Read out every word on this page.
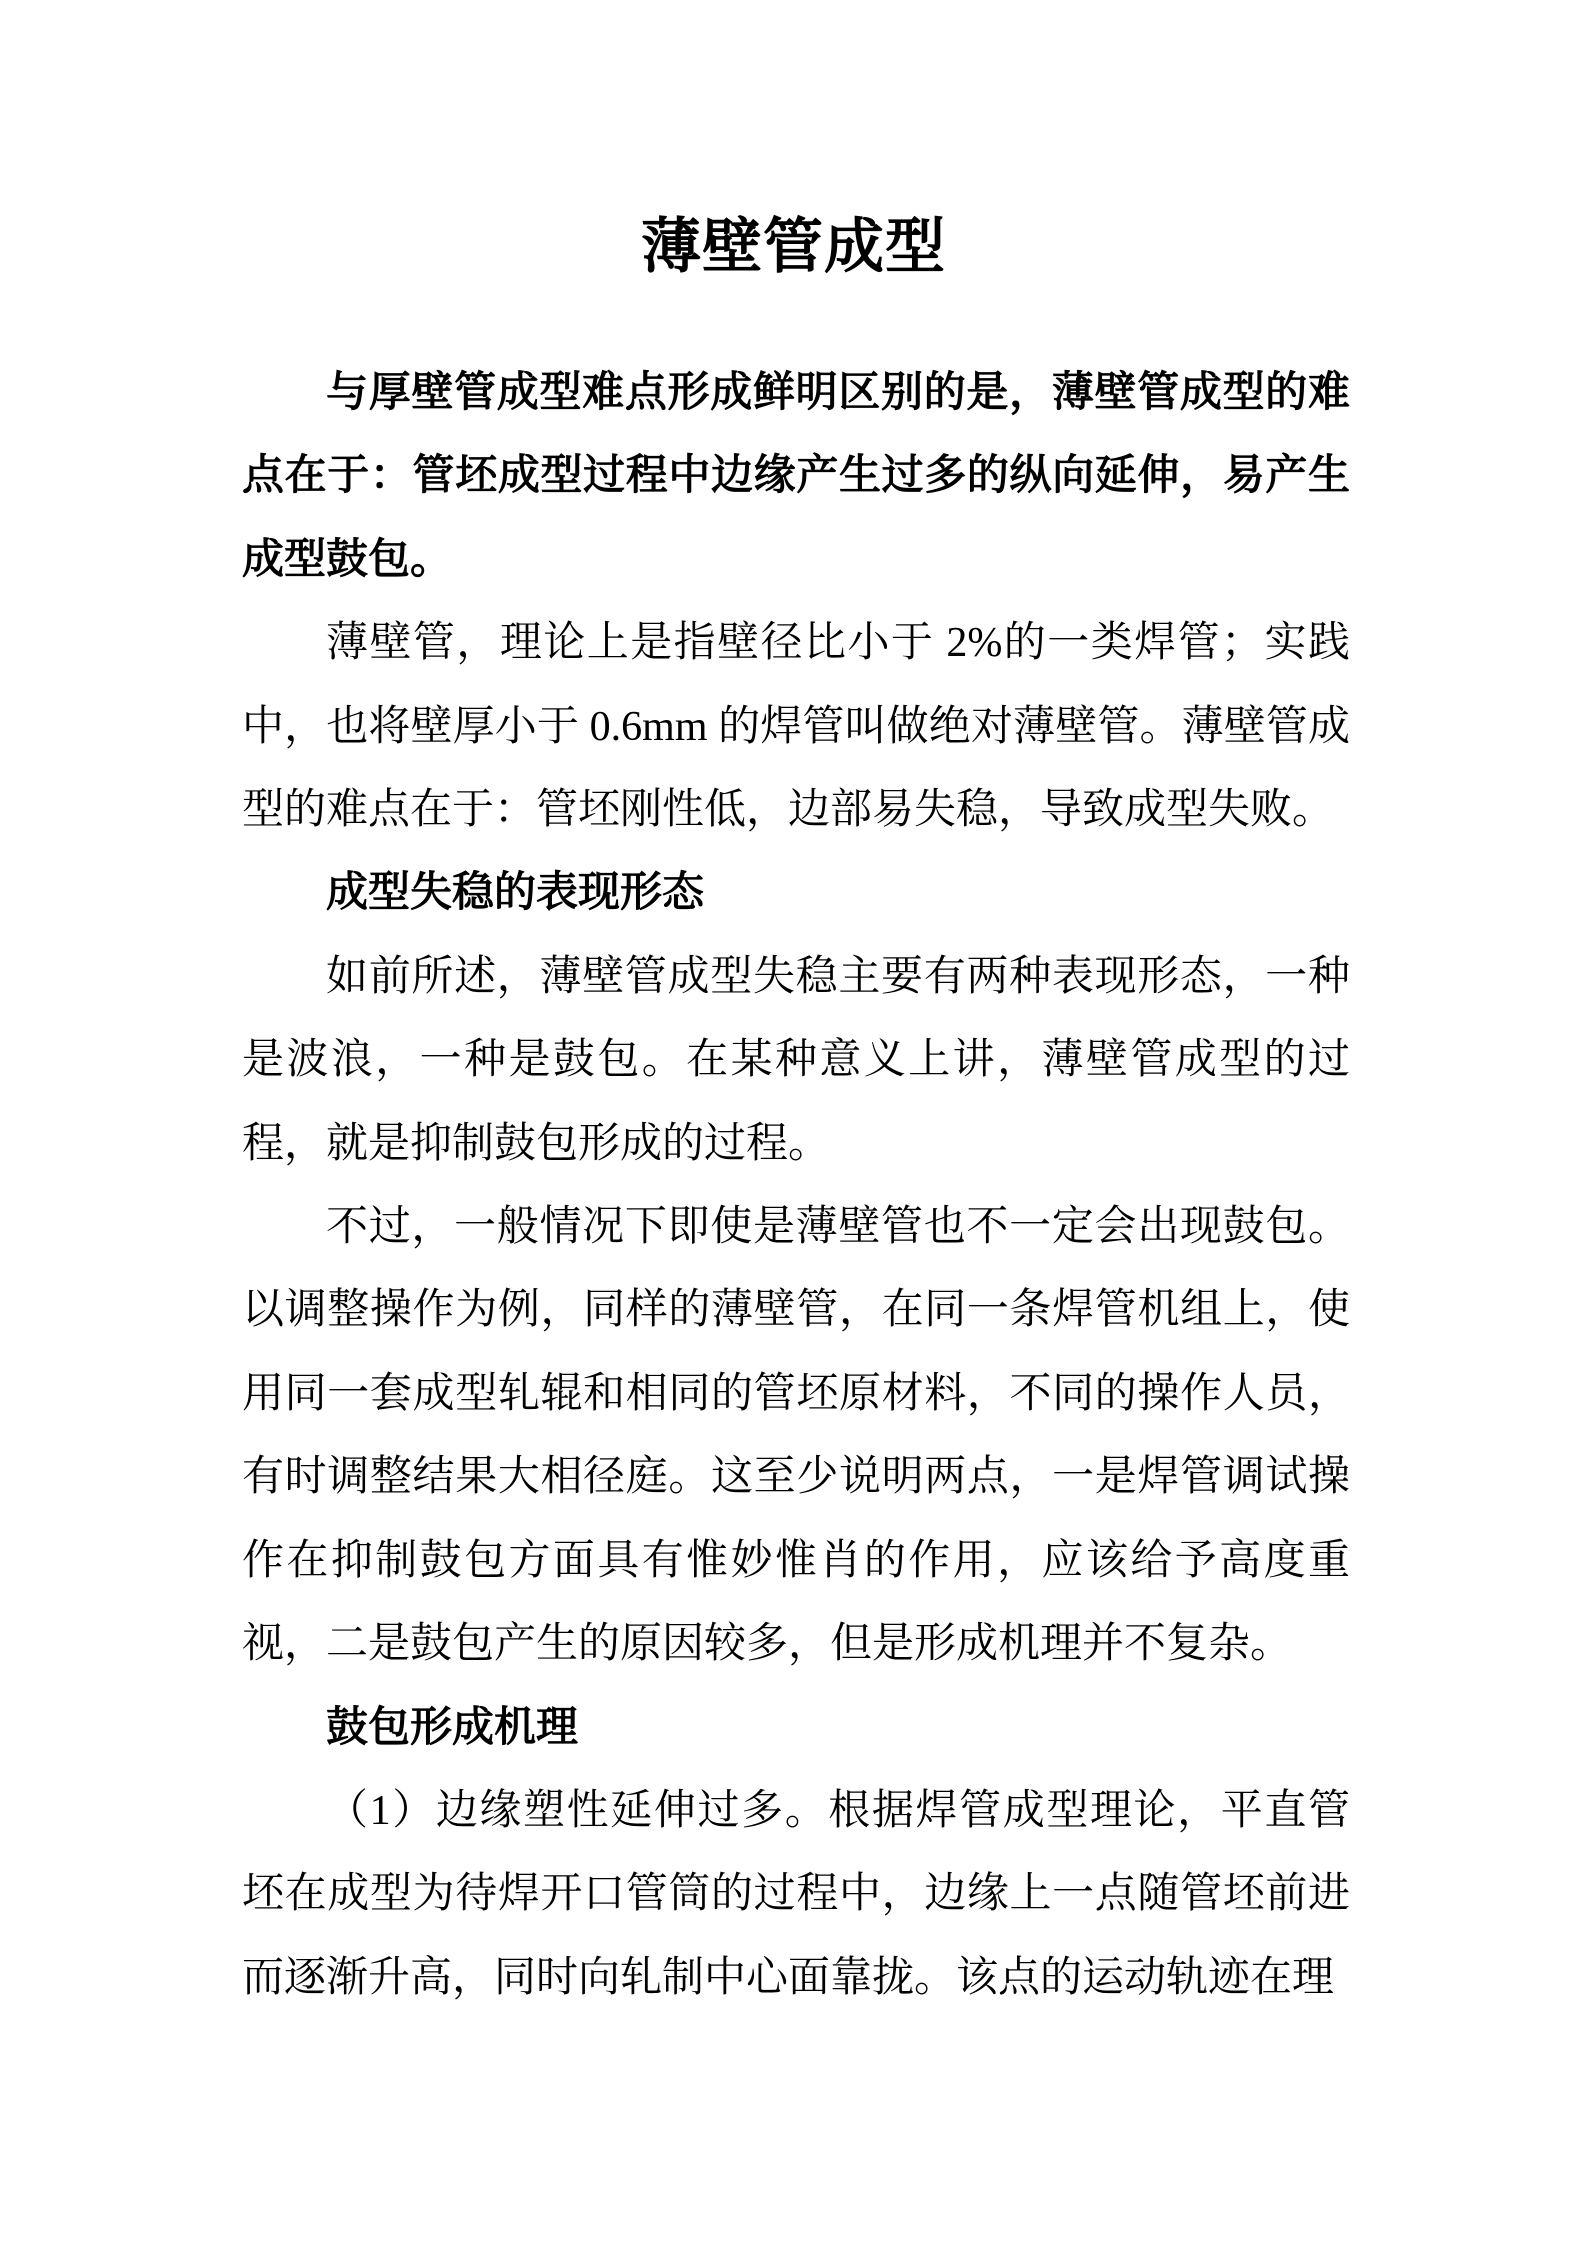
薄壁管成型
与厚壁管成型难点形成鲜明区别的是，薄壁管成型的难点在于：管坯成型过程中边缘产生过多的纵向延伸，易产生成型鼓包。
薄壁管，理论上是指壁径比小于 2%的一类焊管；实践中，也将壁厚小于 0.6mm 的焊管叫做绝对薄壁管。薄壁管成型的难点在于：管坯刚性低，边部易失稳，导致成型失败。
成型失稳的表现形态
如前所述，薄壁管成型失稳主要有两种表现形态，一种是波浪，一种是鼓包。在某种意义上讲，薄壁管成型的过程，就是抑制鼓包形成的过程。
不过，一般情况下即使是薄壁管也不一定会出现鼓包。以调整操作为例，同样的薄壁管，在同一条焊管机组上，使用同一套成型轧辊和相同的管坯原材料，不同的操作人员，有时调整结果大相径庭。这至少说明两点，一是焊管调试操作在抑制鼓包方面具有惟妙惟肖的作用，应该给予高度重视，二是鼓包产生的原因较多，但是形成机理并不复杂。
鼓包形成机理
（1）边缘塑性延伸过多。根据焊管成型理论，平直管坯在成型为待焊开口管筒的过程中，边缘上一点随管坯前进而逐渐升高，同时向轧制中心面靠拢。该点的运动轨迹在理
